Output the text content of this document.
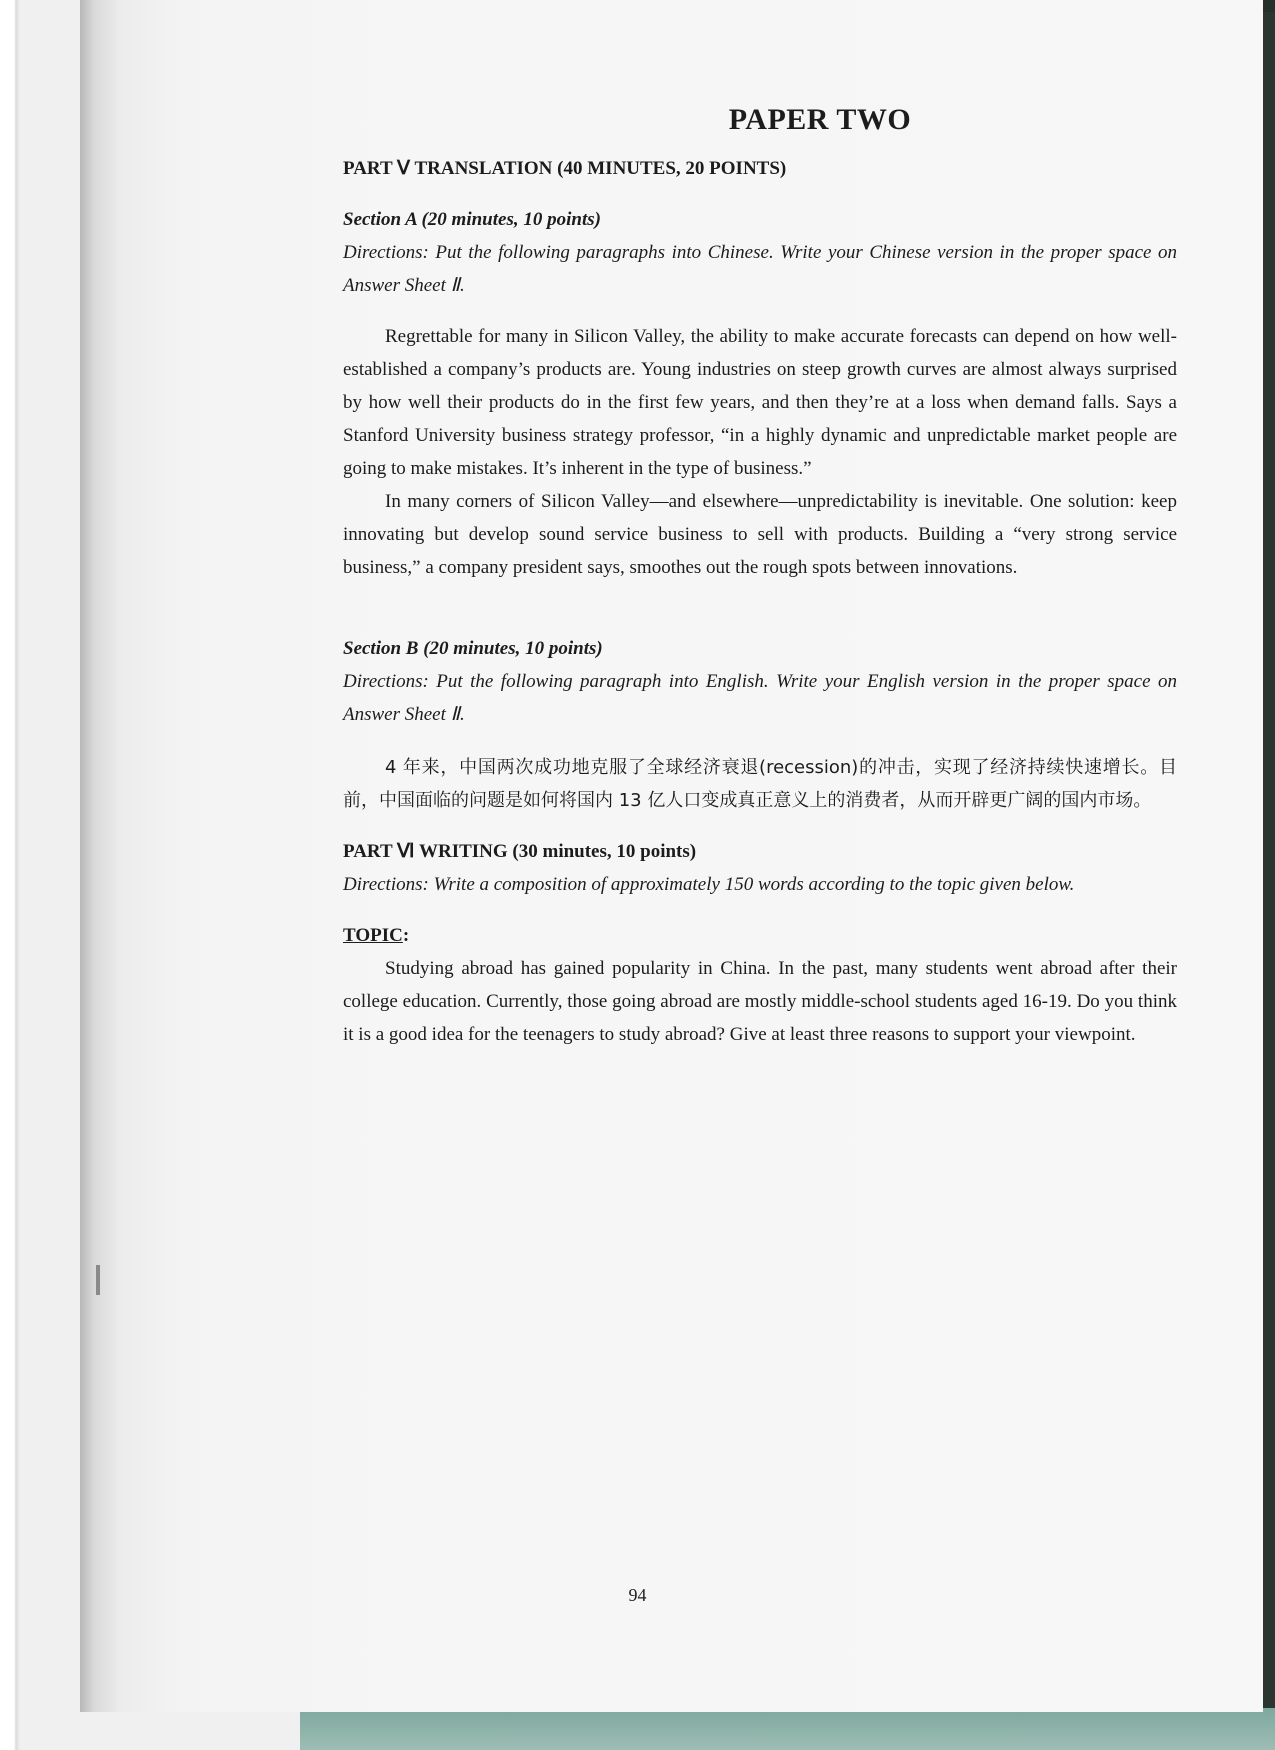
PAPER TWO
PART Ⅴ TRANSLATION (40 MINUTES, 20 POINTS)
Section A (20 minutes, 10 points)

Directions: Put the following paragraphs into Chinese. Write your Chinese version in the proper space on Answer Sheet Ⅱ.

Regrettable for many in Silicon Valley, the ability to make accurate forecasts can depend on how well-established a company’s products are. Young industries on steep growth curves are almost always surprised by how well their products do in the first few years, and then they’re at a loss when demand falls. Says a Stanford University business strategy professor, “in a highly dynamic and unpredictable market people are going to make mistakes. It’s inherent in the type of business.”

In many corners of Silicon Valley—and elsewhere—unpredictability is inevitable. One solution: keep innovating but develop sound service business to sell with products. Building a “very strong service business,” a company president says, smoothes out the rough spots between innovations.

Section B (20 minutes, 10 points)

Directions: Put the following paragraph into English. Write your English version in the proper space on Answer Sheet Ⅱ.

4 年来，中国两次成功地克服了全球经济衰退(recession)的冲击，实现了经济持续快速增长。目前，中国面临的问题是如何将国内 13 亿人口变成真正意义上的消费者，从而开辟更广阔的国内市场。

PART Ⅵ WRITING (30 minutes, 10 points)

Directions: Write a composition of approximately 150 words according to the topic given below.

TOPIC:

Studying abroad has gained popularity in China. In the past, many students went abroad after their college education. Currently, those going abroad are mostly middle-school students aged 16-19. Do you think it is a good idea for the teenagers to study abroad? Give at least three reasons to support your viewpoint.

94
